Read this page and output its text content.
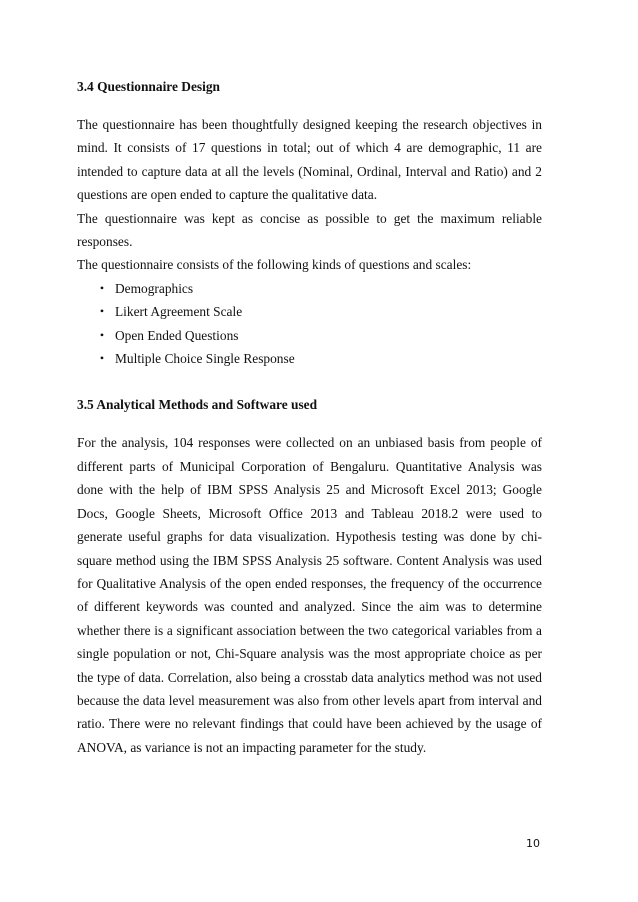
3.4 Questionnaire Design

The questionnaire has been thoughtfully designed keeping the research objectives in mind. It consists of 17 questions in total; out of which 4 are demographic, 11 are intended to capture data at all the levels (Nominal, Ordinal, Interval and Ratio) and 2 questions are open ended to capture the qualitative data.

The questionnaire was kept as concise as possible to get the maximum reliable responses.

The questionnaire consists of the following kinds of questions and scales:

• Demographics
• Likert Agreement Scale
• Open Ended Questions
• Multiple Choice Single Response
3.5 Analytical Methods and Software used

For the analysis, 104 responses were collected on an unbiased basis from people of different parts of Municipal Corporation of Bengaluru. Quantitative Analysis was done with the help of IBM SPSS Analysis 25 and Microsoft Excel 2013; Google Docs, Google Sheets, Microsoft Office 2013 and Tableau 2018.2 were used to generate useful graphs for data visualization. Hypothesis testing was done by chi-square method using the IBM SPSS Analysis 25 software. Content Analysis was used for Qualitative Analysis of the open ended responses, the frequency of the occurrence of different keywords was counted and analyzed. Since the aim was to determine whether there is a significant association between the two categorical variables from a single population or not, Chi-Square analysis was the most appropriate choice as per the type of data. Correlation, also being a crosstab data analytics method was not used because the data level measurement was also from other levels apart from interval and ratio. There were no relevant findings that could have been achieved by the usage of ANOVA, as variance is not an impacting parameter for the study.

10
